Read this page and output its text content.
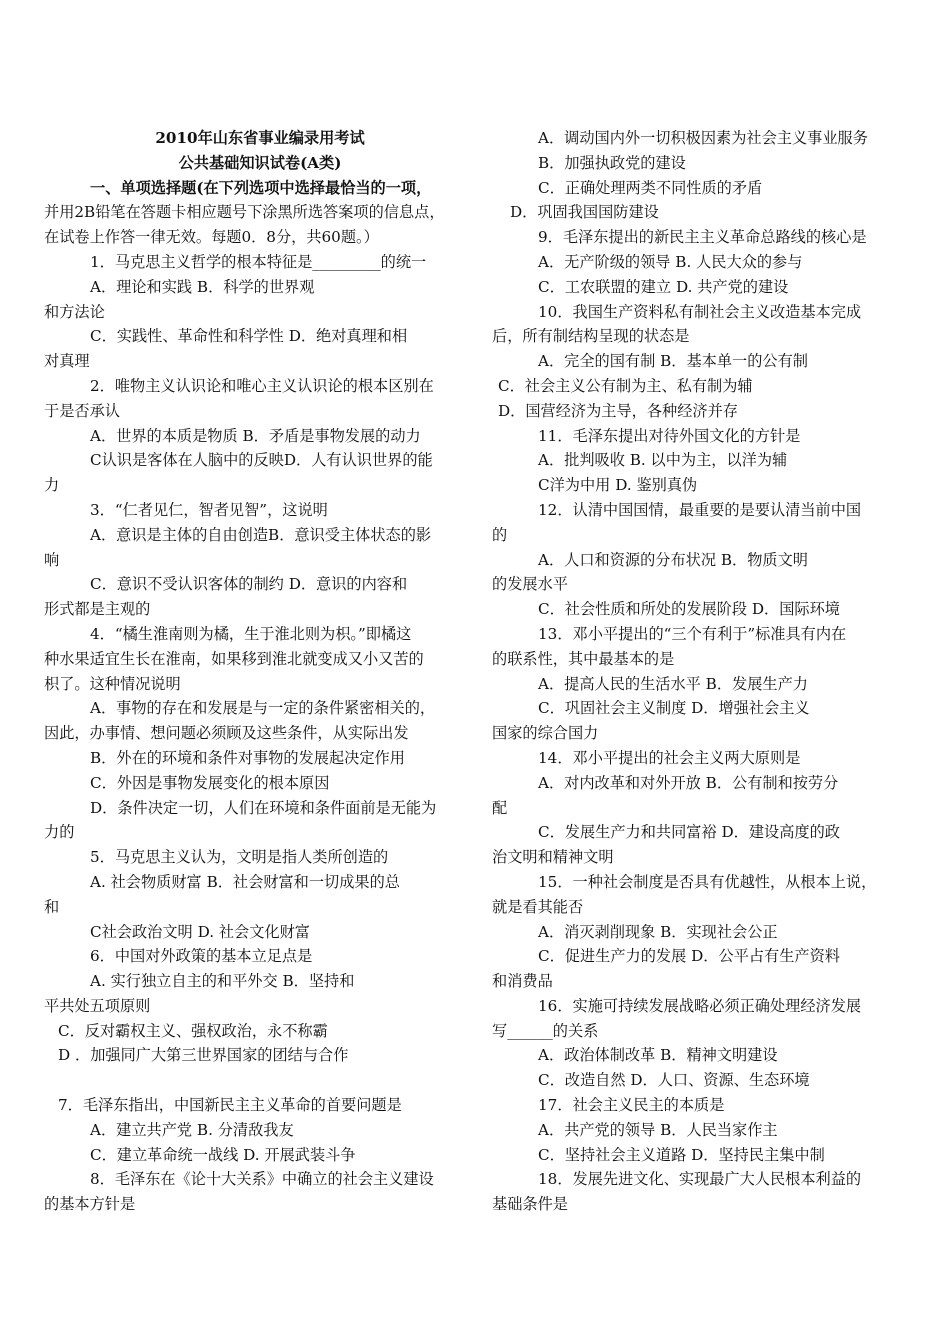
2010年山东省事业编录用考试

公共基础知识试卷(A类)

一、单项选择题(在下列选项中选择最恰当的一项，

并用2B铅笔在答题卡相应题号下涂黑所选答案项的信息点，

在试卷上作答一律无效。每题0．8分，共60题。）

1．马克思主义哲学的根本特征是_________的统一

A．理论和实践 B．科学的世界观

和方法论

C．实践性、革命性和科学性 D．绝对真理和相

对真理

2．唯物主义认识论和唯心主义认识论的根本区别在

于是否承认

A．世界的本质是物质 B．矛盾是事物发展的动力

C认识是客体在人脑中的反映D．人有认识世界的能

力

3．“仁者见仁，智者见智”，这说明

A．意识是主体的自由创造B．意识受主体状态的影

响

C．意识不受认识客体的制约 D．意识的内容和

形式都是主观的

4．“橘生淮南则为橘，生于淮北则为枳。”即橘这

种水果适宜生长在淮南，如果移到淮北就变成又小又苦的

枳了。这种情况说明

A．事物的存在和发展是与一定的条件紧密相关的，

因此，办事情、想问题必须顾及这些条件，从实际出发

B．外在的环境和条件对事物的发展起决定作用

C．外因是事物发展变化的根本原因

D．条件决定一切，人们在环境和条件面前是无能为

力的

5．马克思主义认为，文明是指人类所创造的

A. 社会物质财富 B．社会财富和一切成果的总

和

C社会政治文明 D. 社会文化财富

6．中国对外政策的基本立足点是

A. 实行独立自主的和平外交 B．坚持和

平共处五项原则

C．反对霸权主义、强权政治，永不称霸

D ．加强同广大第三世界国家的团结与合作

7．毛泽东指出，中国新民主主义革命的首要问题是

A．建立共产党 B. 分清敌我友

C．建立革命统一战线 D. 开展武装斗争

8．毛泽东在《论十大关系》中确立的社会主义建设

的基本方针是

A．调动国内外一切积极因素为社会主义事业服务

B．加强执政党的建设

C．正确处理两类不同性质的矛盾

D．巩固我国国防建设

9．毛泽东提出的新民主主义革命总路线的核心是

A．无产阶级的领导 B. 人民大众的参与

C．工农联盟的建立 D. 共产党的建设

10．我国生产资料私有制社会主义改造基本完成

后，所有制结构呈现的状态是

A．完全的国有制 B．基本单一的公有制

C．社会主义公有制为主、私有制为辅

D．国营经济为主导，各种经济并存

11．毛泽东提出对待外国文化的方针是

A．批判吸收 B. 以中为主，以洋为辅

C洋为中用 D. 鉴别真伪

12．认清中国国情，最重要的是要认清当前中国

的

A．人口和资源的分布状况 B．物质文明

的发展水平

C．社会性质和所处的发展阶段 D．国际环境

13．邓小平提出的“三个有利于”标准具有内在

的联系性，其中最基本的是

A．提高人民的生活水平 B．发展生产力

C．巩固社会主义制度 D．增强社会主义

国家的综合国力

14．邓小平提出的社会主义两大原则是

A．对内改革和对外开放 B．公有制和按劳分

配

C．发展生产力和共同富裕 D．建设高度的政

治文明和精神文明

15．一种社会制度是否具有优越性，从根本上说，

就是看其能否

A．消灭剥削现象 B．实现社会公正

C．促进生产力的发展 D．公平占有生产资料

和消费品

16．实施可持续发展战略必须正确处理经济发展

写______的关系

A．政治体制改革 B．精神文明建设

C．改造自然 D．人口、资源、生态环境

17．社会主义民主的本质是

A．共产党的领导 B．人民当家作主

C．坚持社会主义道路 D．坚持民主集中制

18．发展先进文化、实现最广大人民根本利益的

基础条件是
